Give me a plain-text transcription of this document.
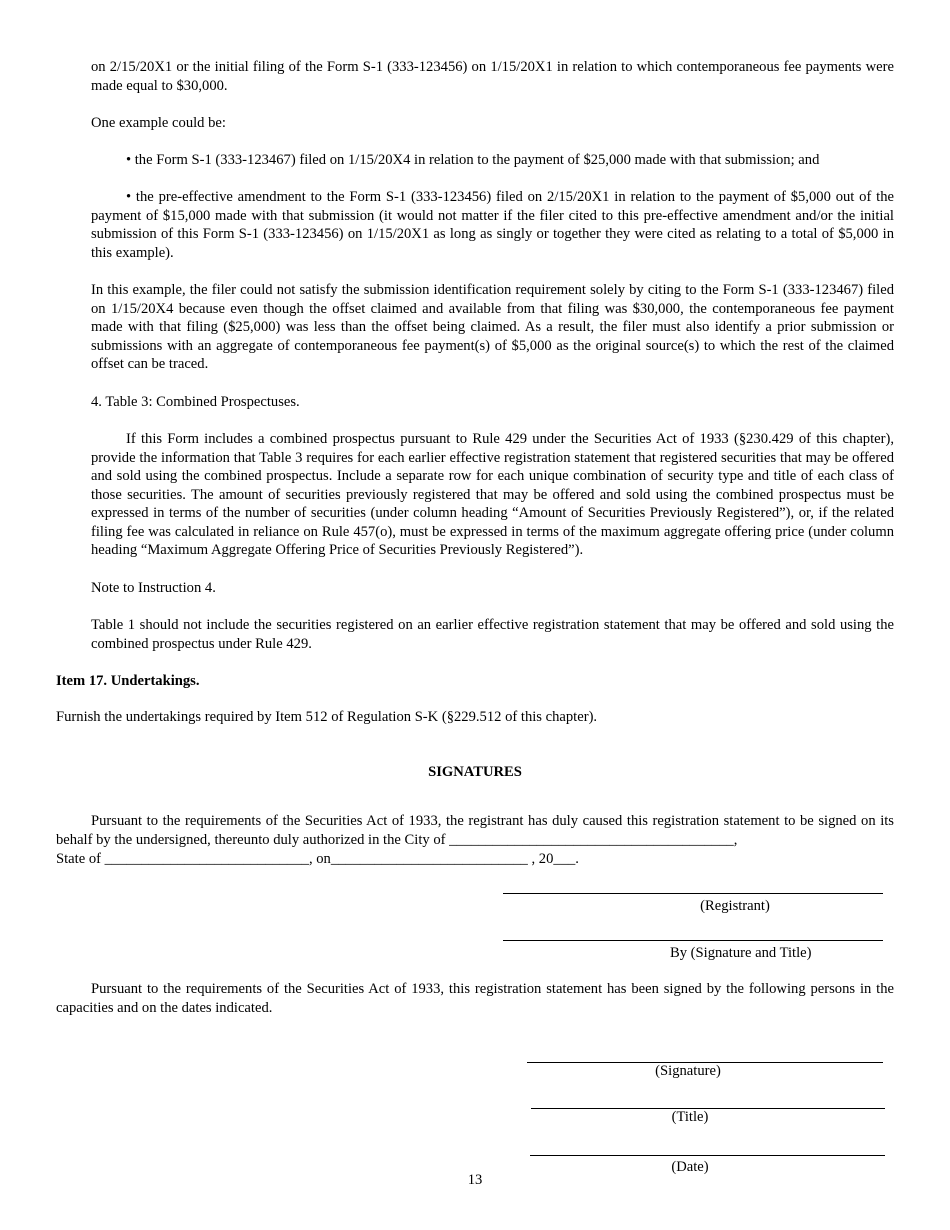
on 2/15/20X1 or the initial filing of the Form S-1 (333-123456) on 1/15/20X1 in relation to which contemporaneous fee payments were made equal to $30,000.

One example could be:

• the Form S-1 (333-123467) filed on 1/15/20X4 in relation to the payment of $25,000 made with that submission; and

• the pre-effective amendment to the Form S-1 (333-123456) filed on 2/15/20X1 in relation to the payment of $5,000 out of the payment of $15,000 made with that submission (it would not matter if the filer cited to this pre-effective amendment and/or the initial submission of this Form S-1 (333-123456) on 1/15/20X1 as long as singly or together they were cited as relating to a total of $5,000 in this example).

In this example, the filer could not satisfy the submission identification requirement solely by citing to the Form S-1 (333-123467) filed on 1/15/20X4 because even though the offset claimed and available from that filing was $30,000, the contemporaneous fee payment made with that filing ($25,000) was less than the offset being claimed. As a result, the filer must also identify a prior submission or submissions with an aggregate of contemporaneous fee payment(s) of $5,000 as the original source(s) to which the rest of the claimed offset can be traced.

4. Table 3: Combined Prospectuses.

If this Form includes a combined prospectus pursuant to Rule 429 under the Securities Act of 1933 (§230.429 of this chapter), provide the information that Table 3 requires for each earlier effective registration statement that registered securities that may be offered and sold using the combined prospectus. Include a separate row for each unique combination of security type and title of each class of those securities. The amount of securities previously registered that may be offered and sold using the combined prospectus must be expressed in terms of the number of securities (under column heading “Amount of Securities Previously Registered”), or, if the related filing fee was calculated in reliance on Rule 457(o), must be expressed in terms of the maximum aggregate offering price (under column heading “Maximum Aggregate Offering Price of Securities Previously Registered”).

Note to Instruction 4.

Table 1 should not include the securities registered on an earlier effective registration statement that may be offered and sold using the combined prospectus under Rule 429.

Item 17. Undertakings.

Furnish the undertakings required by Item 512 of Regulation S-K (§229.512 of this chapter).

SIGNATURES

Pursuant to the requirements of the Securities Act of 1933, the registrant has duly caused this registration statement to be signed on its behalf by the undersigned, thereunto duly authorized in the City of _______________________________________,

State of ____________________________, on___________________________ , 20___.

(Registrant)
By (Signature and Title)

Pursuant to the requirements of the Securities Act of 1933, this registration statement has been signed by the following persons in the capacities and on the dates indicated.

(Signature)
(Title)
(Date)
13
